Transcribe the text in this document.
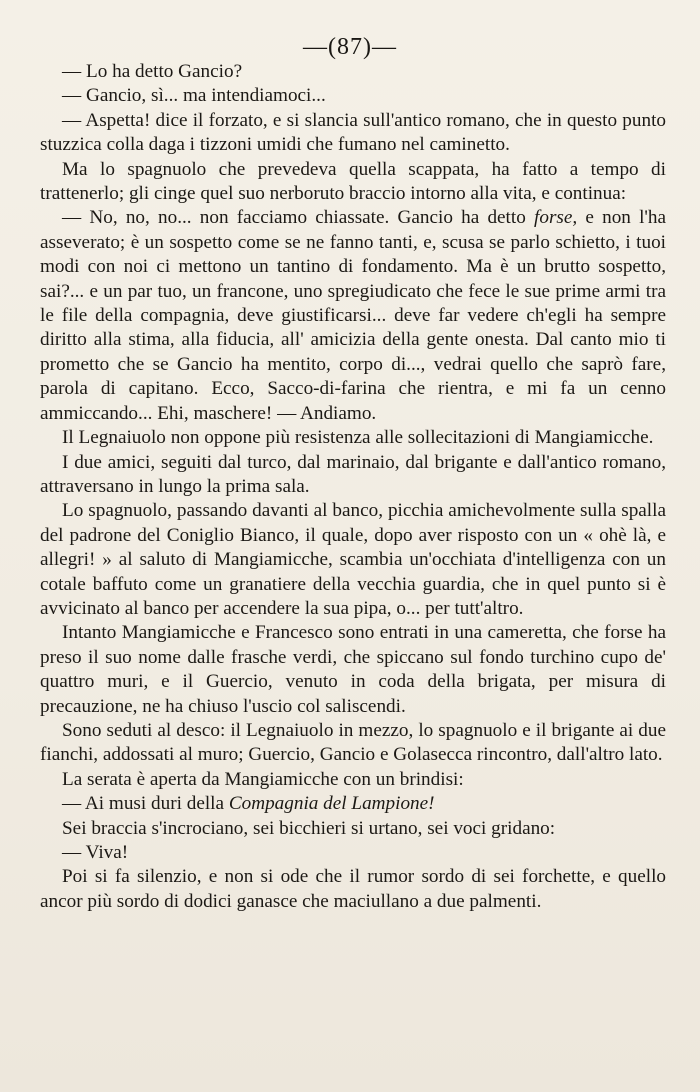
—(87)—

— Lo ha detto Gancio?

— Gancio, sì... ma intendiamoci...

— Aspetta! dice il forzato, e si slancia sull'antico romano, che in questo punto stuzzica colla daga i tizzoni umidi che fumano nel caminetto.

Ma lo spagnuolo che prevedeva quella scappata, ha fatto a tempo di trattenerlo; gli cinge quel suo nerboruto braccio intorno alla vita, e continua:

— No, no, no... non facciamo chiassate. Gancio ha detto forse, e non l'ha asseverato; è un sospetto come se ne fanno tanti, e, scusa se parlo schietto, i tuoi modi con noi ci mettono un tantino di fondamento. Ma è un brutto sospetto, sai?... e un par tuo, un francone, uno spregiudicato che fece le sue prime armi tra le file della compagnia, deve giustificarsi... deve far vedere ch'egli ha sempre diritto alla stima, alla fiducia, all' amicizia della gente onesta. Dal canto mio ti prometto che se Gancio ha mentito, corpo di..., vedrai quello che saprò fare, parola di capitano. Ecco, Sacco-di-farina che rientra, e mi fa un cenno ammiccando... Ehi, maschere! — Andiamo.

Il Legnaiuolo non oppone più resistenza alle sollecitazioni di Mangiamicche.

I due amici, seguiti dal turco, dal marinaio, dal brigante e dall'antico romano, attraversano in lungo la prima sala.

Lo spagnuolo, passando davanti al banco, picchia amichevolmente sulla spalla del padrone del Coniglio Bianco, il quale, dopo aver risposto con un « ohè là, e allegri! » al saluto di Mangiamicche, scambia un'occhiata d'intelligenza con un cotale baffuto come un granatiere della vecchia guardia, che in quel punto si è avvicinato al banco per accendere la sua pipa, o... per tutt'altro.

Intanto Mangiamicche e Francesco sono entrati in una cameretta, che forse ha preso il suo nome dalle frasche verdi, che spiccano sul fondo turchino cupo de' quattro muri, e il Guercio, venuto in coda della brigata, per misura di precauzione, ne ha chiuso l'uscio col saliscendi.

Sono seduti al desco: il Legnaiuolo in mezzo, lo spagnuolo e il brigante ai due fianchi, addossati al muro; Guercio, Gancio e Golasecca rincontro, dall'altro lato.

La serata è aperta da Mangiamicche con un brindisi:

— Ai musi duri della Compagnia del Lampione!

Sei braccia s'incrociano, sei bicchieri si urtano, sei voci gridano:

— Viva!

Poi si fa silenzio, e non si ode che il rumor sordo di sei forchette, e quello ancor più sordo di dodici ganasce che maciullano a due palmenti.
